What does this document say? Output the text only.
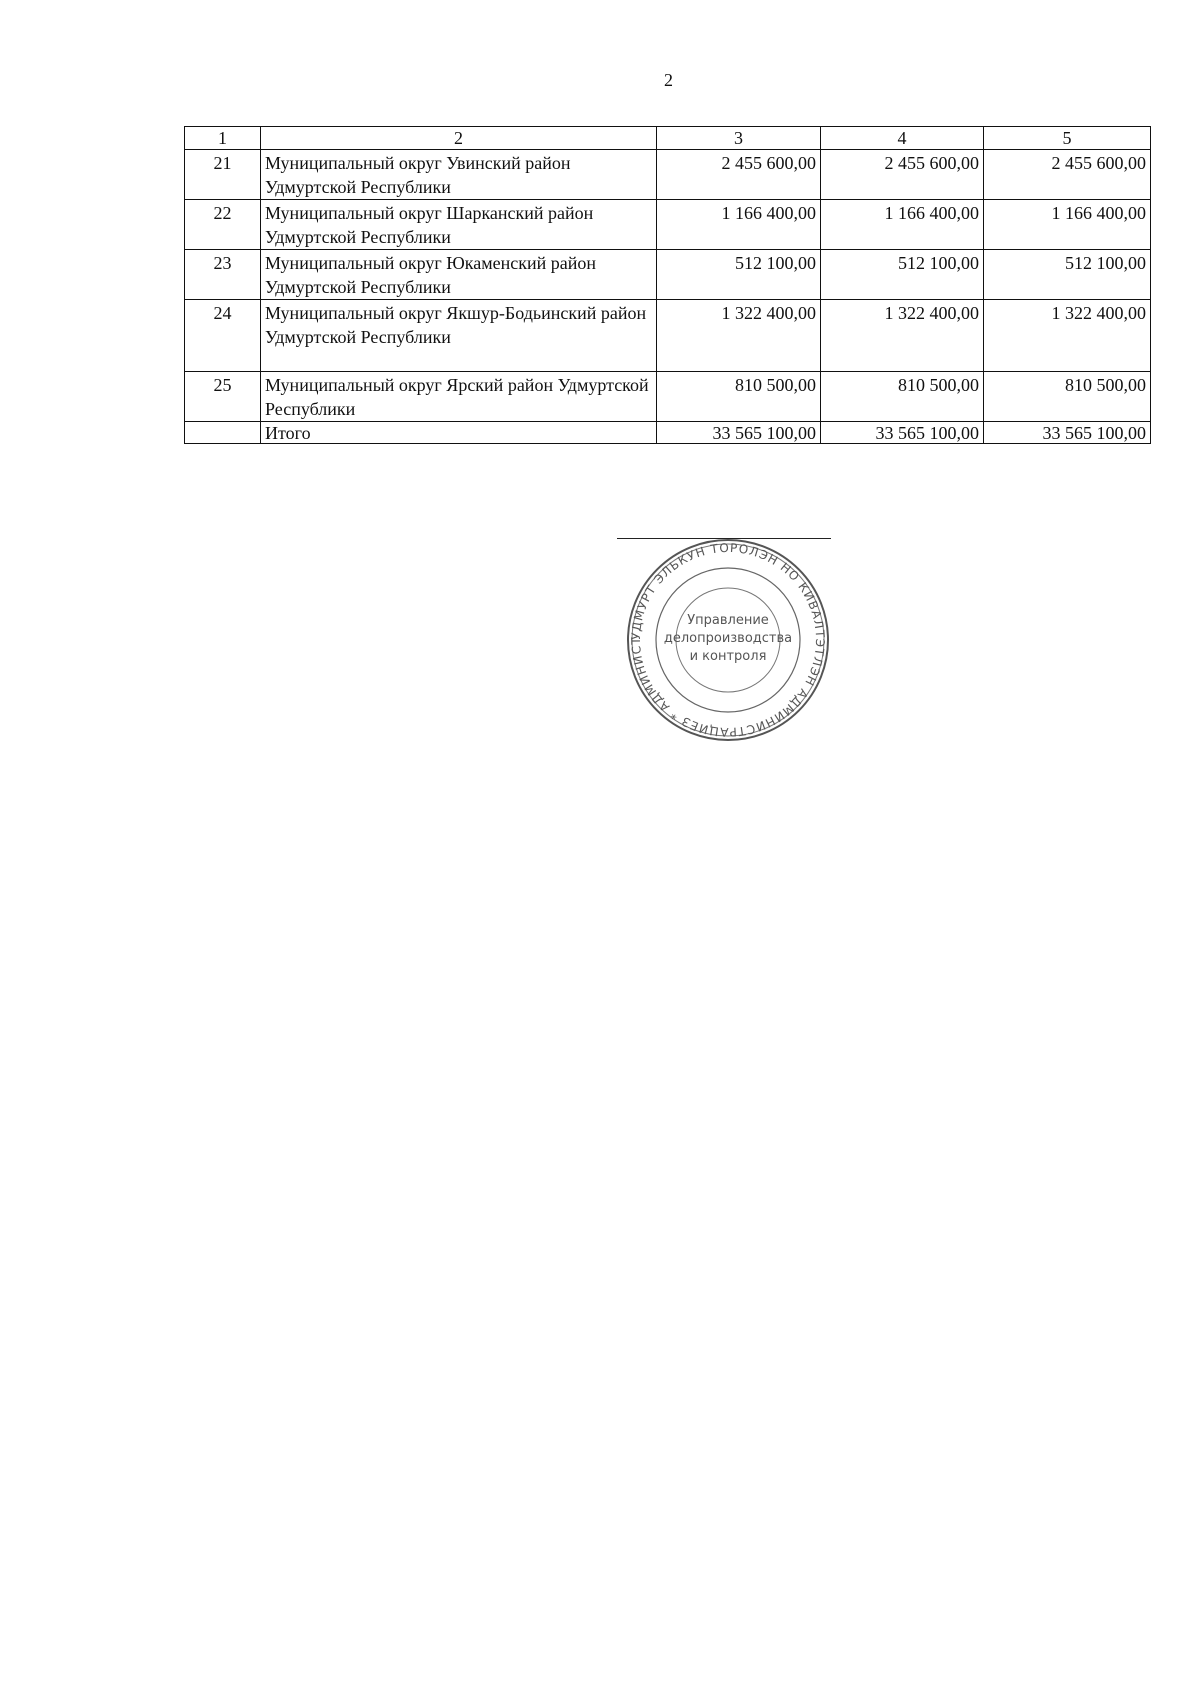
2
1	2	3	4	5
21	Муниципальный округ Увинский район Удмуртской Республики	2 455 600,00	2 455 600,00	2 455 600,00
22	Муниципальный округ Шарканский район Удмуртской Республики	1 166 400,00	1 166 400,00	1 166 400,00
23	Муниципальный округ Юкаменский район Удмуртской Республики	512 100,00	512 100,00	512 100,00
24	Муниципальный округ Якшур-Бодьинский район Удмуртской Республики	1 322 400,00	1 322 400,00	1 322 400,00
25	Муниципальный округ Ярский район Удмуртской Республики	810 500,00	810 500,00	810 500,00
	Итого	33 565 100,00	33 565 100,00	33 565 100,00
УДМУРТ ЭЛЬКУН ТОРОЛЭН НО КИВАЛТЭТЛЭН АДМИНИСТРАЦИЕЗ * АДМИНИСТ
Управление
делопроизводства
и контроля
